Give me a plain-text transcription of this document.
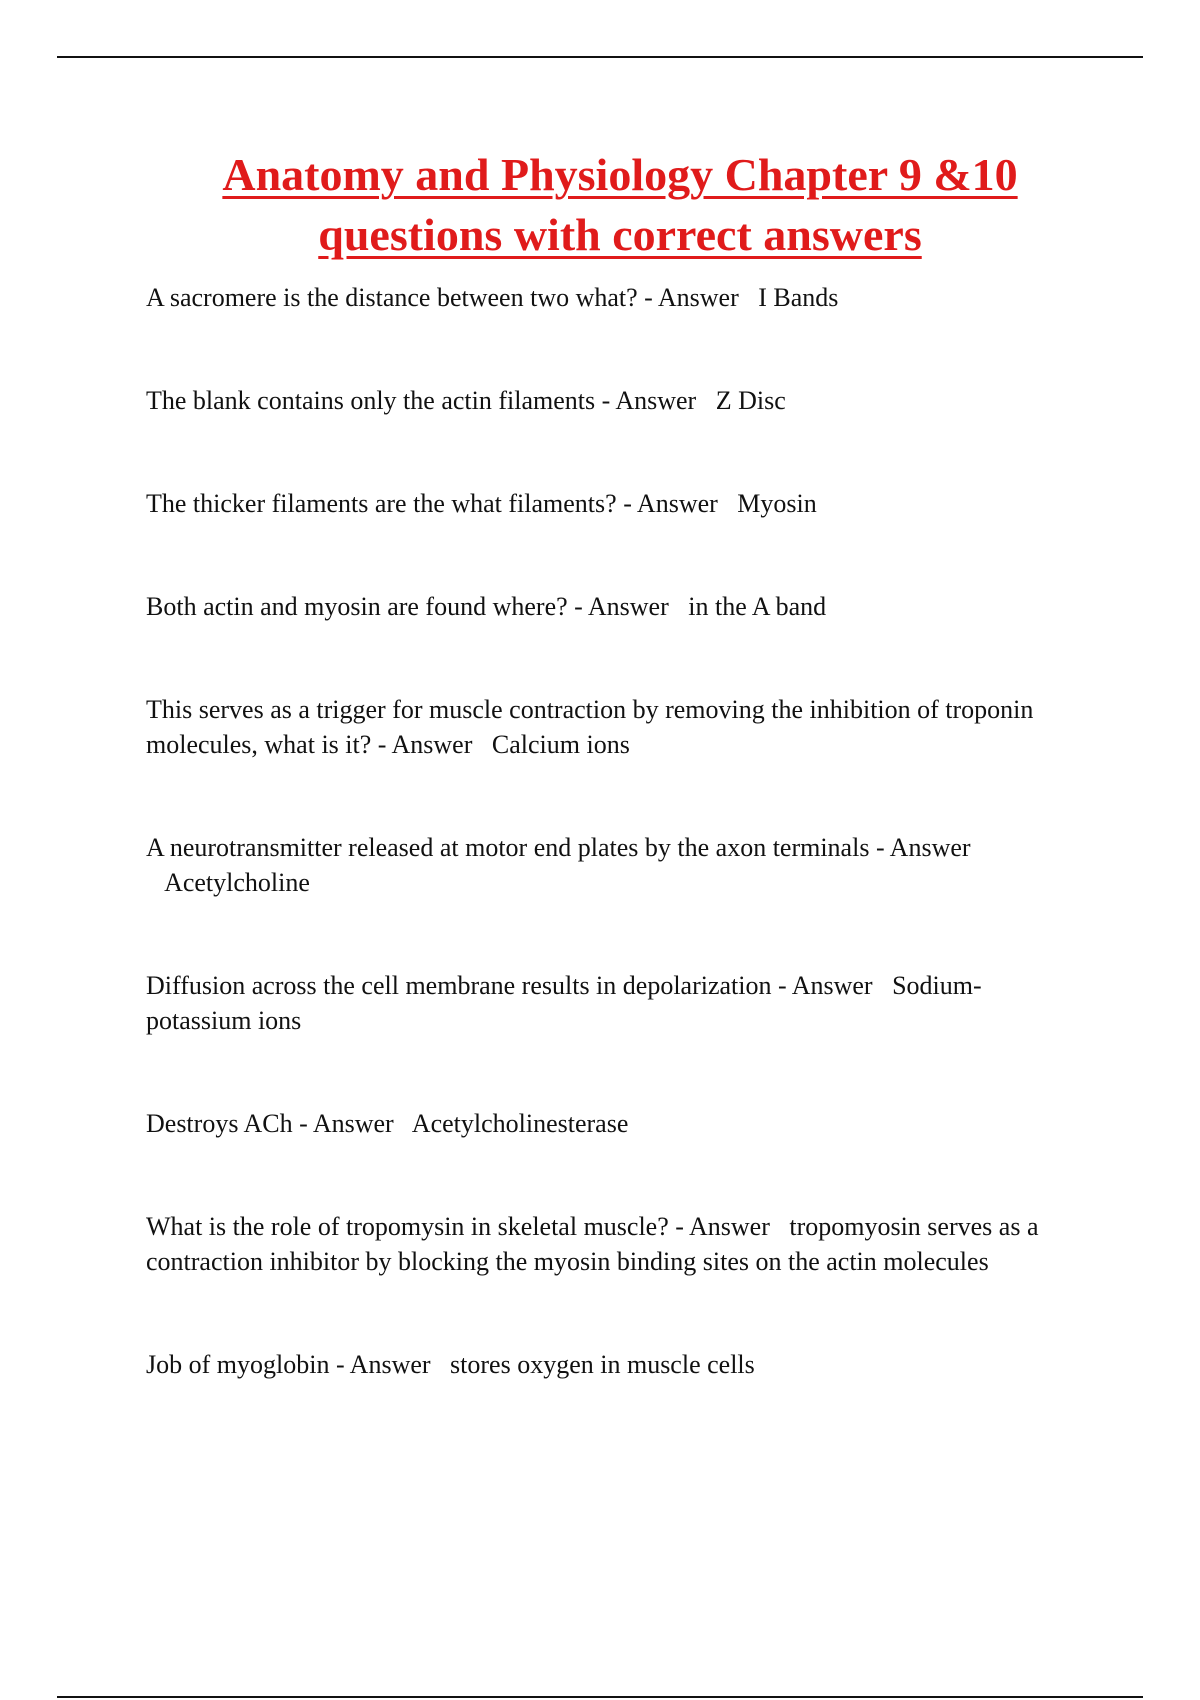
Anatomy and Physiology Chapter 9 &10
questions with correct answers
A sacromere is the distance between two what? - Answer I Bands
The blank contains only the actin filaments - Answer Z Disc
The thicker filaments are the what filaments? - Answer Myosin
Both actin and myosin are found where? - Answer in the A band
This serves as a trigger for muscle contraction by removing the inhibition of troponin molecules, what is it? - Answer Calcium ions
A neurotransmitter released at motor end plates by the axon terminals - Answer   Acetylcholine
Diffusion across the cell membrane results in depolarization - Answer Sodium-potassium ions
Destroys ACh - Answer Acetylcholinesterase
What is the role of tropomysin in skeletal muscle? - Answer tropomyosin serves as a contraction inhibitor by blocking the myosin binding sites on the actin molecules
Job of myoglobin - Answer stores oxygen in muscle cells
